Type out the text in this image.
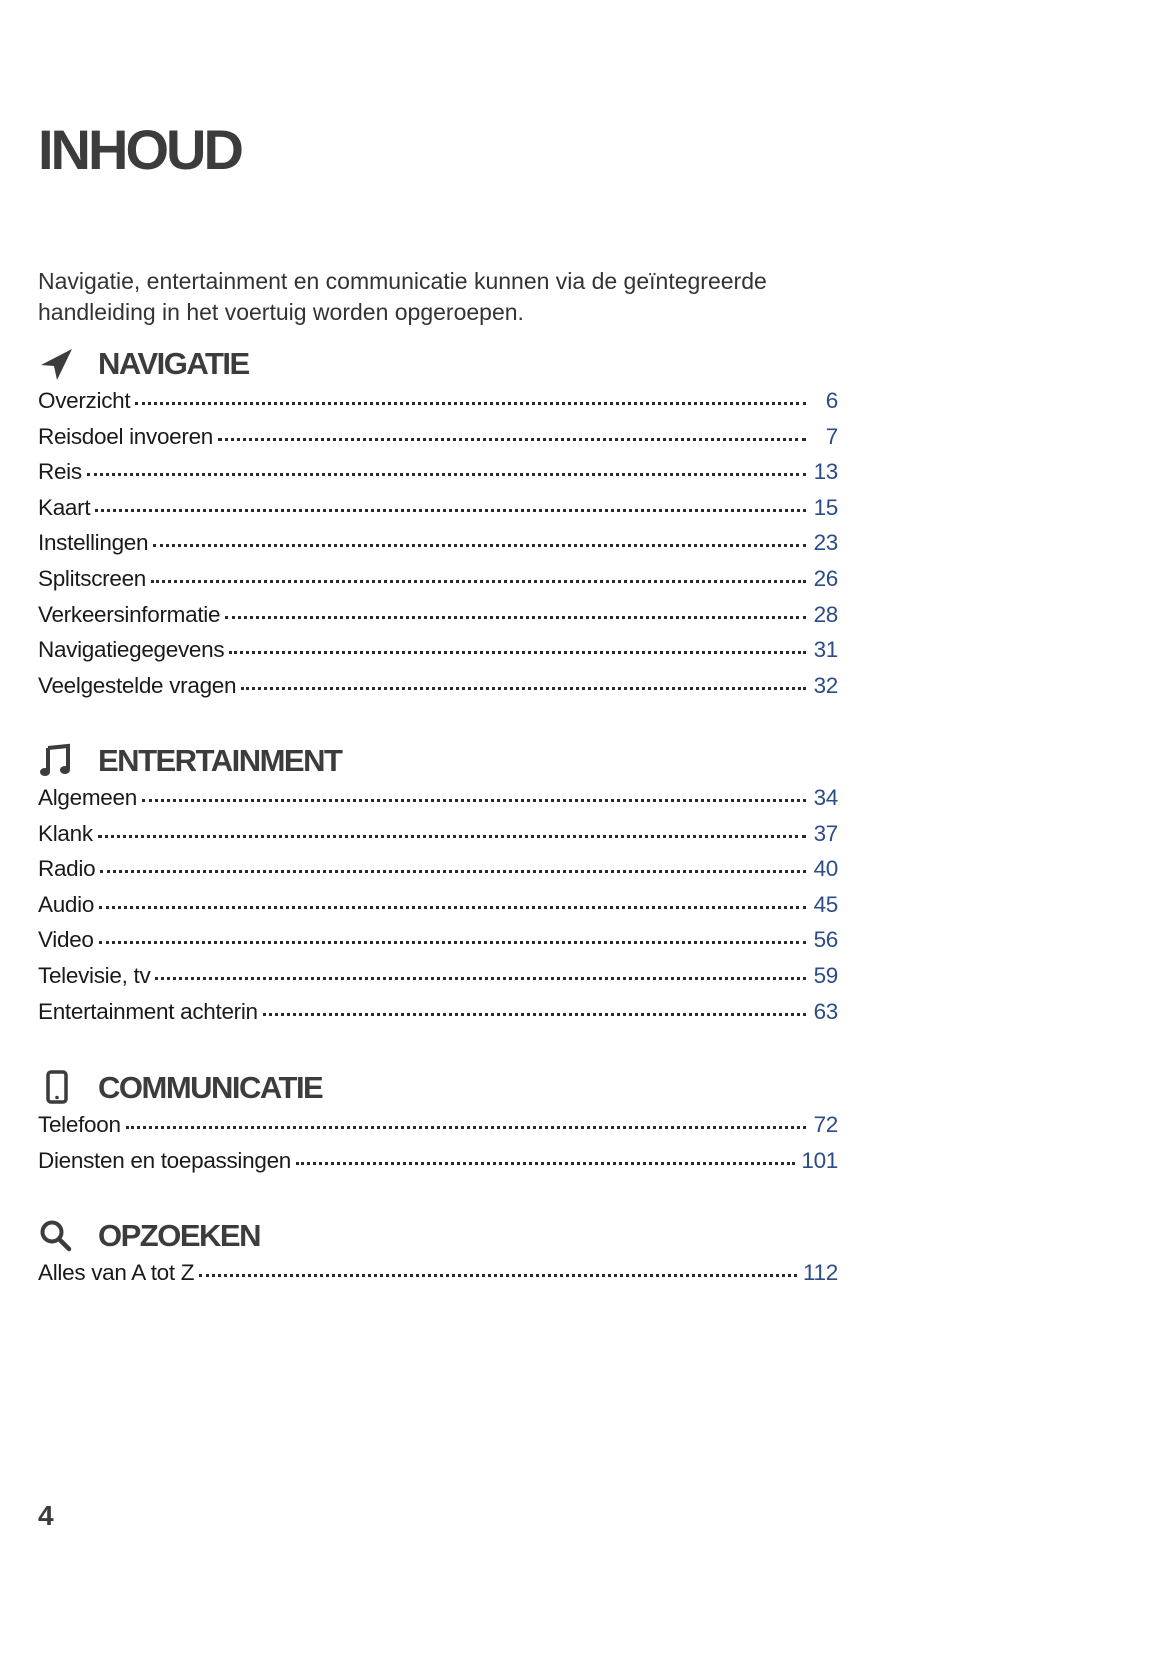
INHOUD

Navigatie, entertainment en communicatie kunnen via de geïntegreerde handleiding in het voertuig worden opgeroepen.

NAVIGATIE
Overzicht	6
Reisdoel invoeren	7
Reis	13
Kaart	15
Instellingen	23
Splitscreen	26
Verkeersinformatie	28
Navigatiegegevens	31
Veelgestelde vragen	32
ENTERTAINMENT
Algemeen	34
Klank	37
Radio	40
Audio	45
Video	56
Televisie, tv	59
Entertainment achterin	63
COMMUNICATIE
Telefoon	72
Diensten en toepassingen	101
OPZOEKEN
Alles van A tot Z	112
4
